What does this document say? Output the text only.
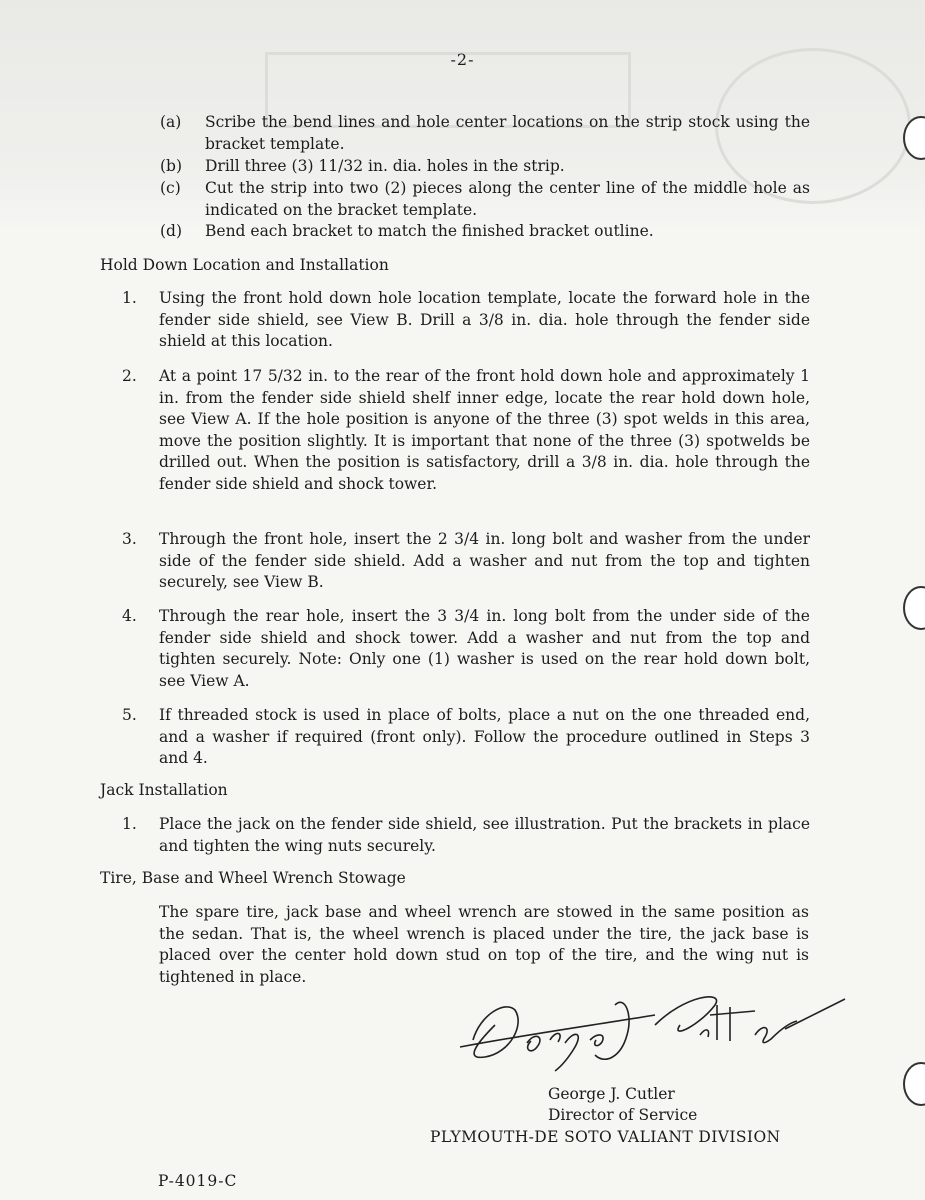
-2-
(a) Scribe the bend lines and hole center locations on the strip stock using the bracket template.
(b) Drill three (3) 11/32 in. dia. holes in the strip.
(c) Cut the strip into two (2) pieces along the center line of the middle hole as indicated on the bracket template.
(d) Bend each bracket to match the finished bracket outline.
Hold Down Location and Installation
1. Using the front hold down hole location template, locate the forward hole in the fender side shield, see View B. Drill a 3/8 in. dia. hole through the fender side shield at this location.
2. At a point 17 5/32 in. to the rear of the front hold down hole and approximately 1 in. from the fender side shield shelf inner edge, locate the rear hold down hole, see View A. If the hole position is anyone of the three (3) spot welds in this area, move the position slightly. It is important that none of the three (3) spotwelds be drilled out. When the position is satisfactory, drill a 3/8 in. dia. hole through the fender side shield and shock tower.
3. Through the front hole, insert the 2 3/4 in. long bolt and washer from the under side of the fender side shield. Add a washer and nut from the top and tighten securely, see View B.
4. Through the rear hole, insert the 3 3/4 in. long bolt from the under side of the fender side shield and shock tower. Add a washer and nut from the top and tighten securely. Note: Only one (1) washer is used on the rear hold down bolt, see View A.
5. If threaded stock is used in place of bolts, place a nut on the one threaded end, and a washer if required (front only). Follow the procedure outlined in Steps 3 and 4.
Jack Installation
1. Place the jack on the fender side shield, see illustration. Put the brackets in place and tighten the wing nuts securely.
Tire, Base and Wheel Wrench Stowage
The spare tire, jack base and wheel wrench are stowed in the same position as the sedan. That is, the wheel wrench is placed under the tire, the jack base is placed over the center hold down stud on top of the tire, and the wing nut is tightened in place.
George J. Cutler
Director of Service
PLYMOUTH-DE SOTO VALIANT DIVISION
P-4019-C
